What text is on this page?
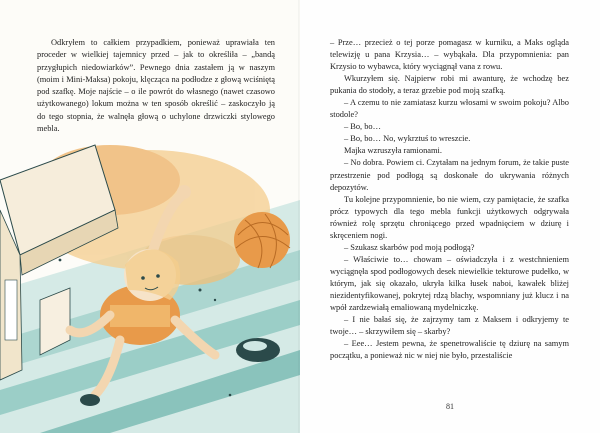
Odkryłem to całkiem przypadkiem, ponieważ uprawiała ten proceder w wielkiej tajemnicy przed – jak to określiła – „bandą przygłupich niedowiarków”. Pewnego dnia zastałem ją w naszym (moim i Mini-Maksa) pokoju, klęcząca na podłodze z głową wciśniętą pod szafkę. Moje najście – o ile powrót do własnego (nawet czasowo użytkowanego) lokum można w ten sposób określić – zaskoczyło ją do tego stopnia, że walnęła głową o uchylone drzwiczki stylowego mebla.

– Prze… przecież o tej porze pomagasz w kurniku, a Maks ogląda telewizję u pana Krzysia… – wybąkała. Dla przypomnienia: pan Krzysio to wybawca, który wyciągnął vana z rowu.

Wkurzyłem się. Najpierw robi mi awanturę, że wchodzę bez pukania do stodoły, a teraz grzebie pod moją szafką.

– A czemu to nie zamiatasz kurzu włosami w swoim pokoju? Albo stodole?

– Bo, bo…

– Bo, bo… No, wykrztuś to wreszcie.

Majka wzruszyła ramionami.

– No dobra. Powiem ci. Czytałam na jednym forum, że takie puste przestrzenie pod podłogą są doskonałe do ukrywania różnych depozytów.

Tu kolejne przypomnienie, bo nie wiem, czy pamiętacie, że szafka prócz typowych dla tego mebla funkcji użytkowych odgrywała również rolę sprzętu chroniącego przed wpadnięciem w dziurę i skręceniem nogi.

– Szukasz skarbów pod moją podłogą?

– Właściwie to… chowam – oświadczyła i z westchnieniem wyciągnęła spod podłogowych desek niewielkie tekturowe pudełko, w którym, jak się okazało, ukryła kilka łusek naboi, kawałek bliżej niezidentyfikowanej, pokrytej rdzą blachy, wspomniany już klucz i na wpół zardzewiałą emaliowaną mydelniczkę.

– I nie bałaś się, że zajrzymy tam z Maksem i odkryjemy te twoje… – skrzywiłem się – skarby?

– Eee… Jestem pewna, że spenetrowaliście tę dziurę na samym początku, a ponieważ nic w niej nie było, przestaliście

81
